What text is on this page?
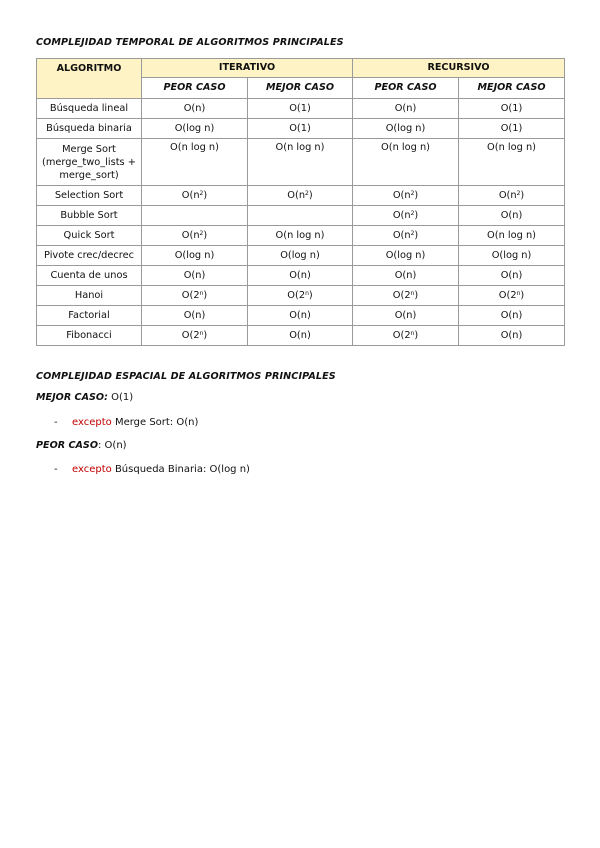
COMPLEJIDAD TEMPORAL DE ALGORITMOS PRINCIPALES
ALGORITMO	ITERATIVO		RECURSIVO	
	PEOR CASO	MEJOR CASO	PEOR CASO	MEJOR CASO
Búsqueda lineal	O(n)	O(1)	O(n)	O(1)
Búsqueda binaria	O(log n)	O(1)	O(log n)	O(1)

Merge Sort
(merge_two_lists +
merge_sort)	O(n log n)	O(n log n)	O(n log n)	O(n log n)
Selection Sort	$O(n^2)$	$O(n^2)$	$O(n^2)$	$O(n^2)$
Bubble Sort			$O(n^2)$	O(n)
Quick Sort	$O(n^2)$	O(n log n)	$O(n^2)$	O(n log n)
Pivote crec/decrec	O(log n)	O(log n)	O(log n)	O(log n)
Cuenta de unos	O(n)	O(n)	O(n)	O(n)
Hanoi	O(2$^n$)	O(2$^n$)	O(2$^n$)	O(2$^n$)
Factorial	O(n)	O(n)	O(n)	O(n)
Fibonacci	O(2$^n$)	O(n)	O(2$^n$)	O(n)
COMPLEJIDAD ESPACIAL DE ALGORITMOS PRINCIPALES
MEJOR CASO: O(1)
- excepto Merge Sort: O(n)
PEOR CASO: O(n)
- excepto Búsqueda Binaria: O(log n)
